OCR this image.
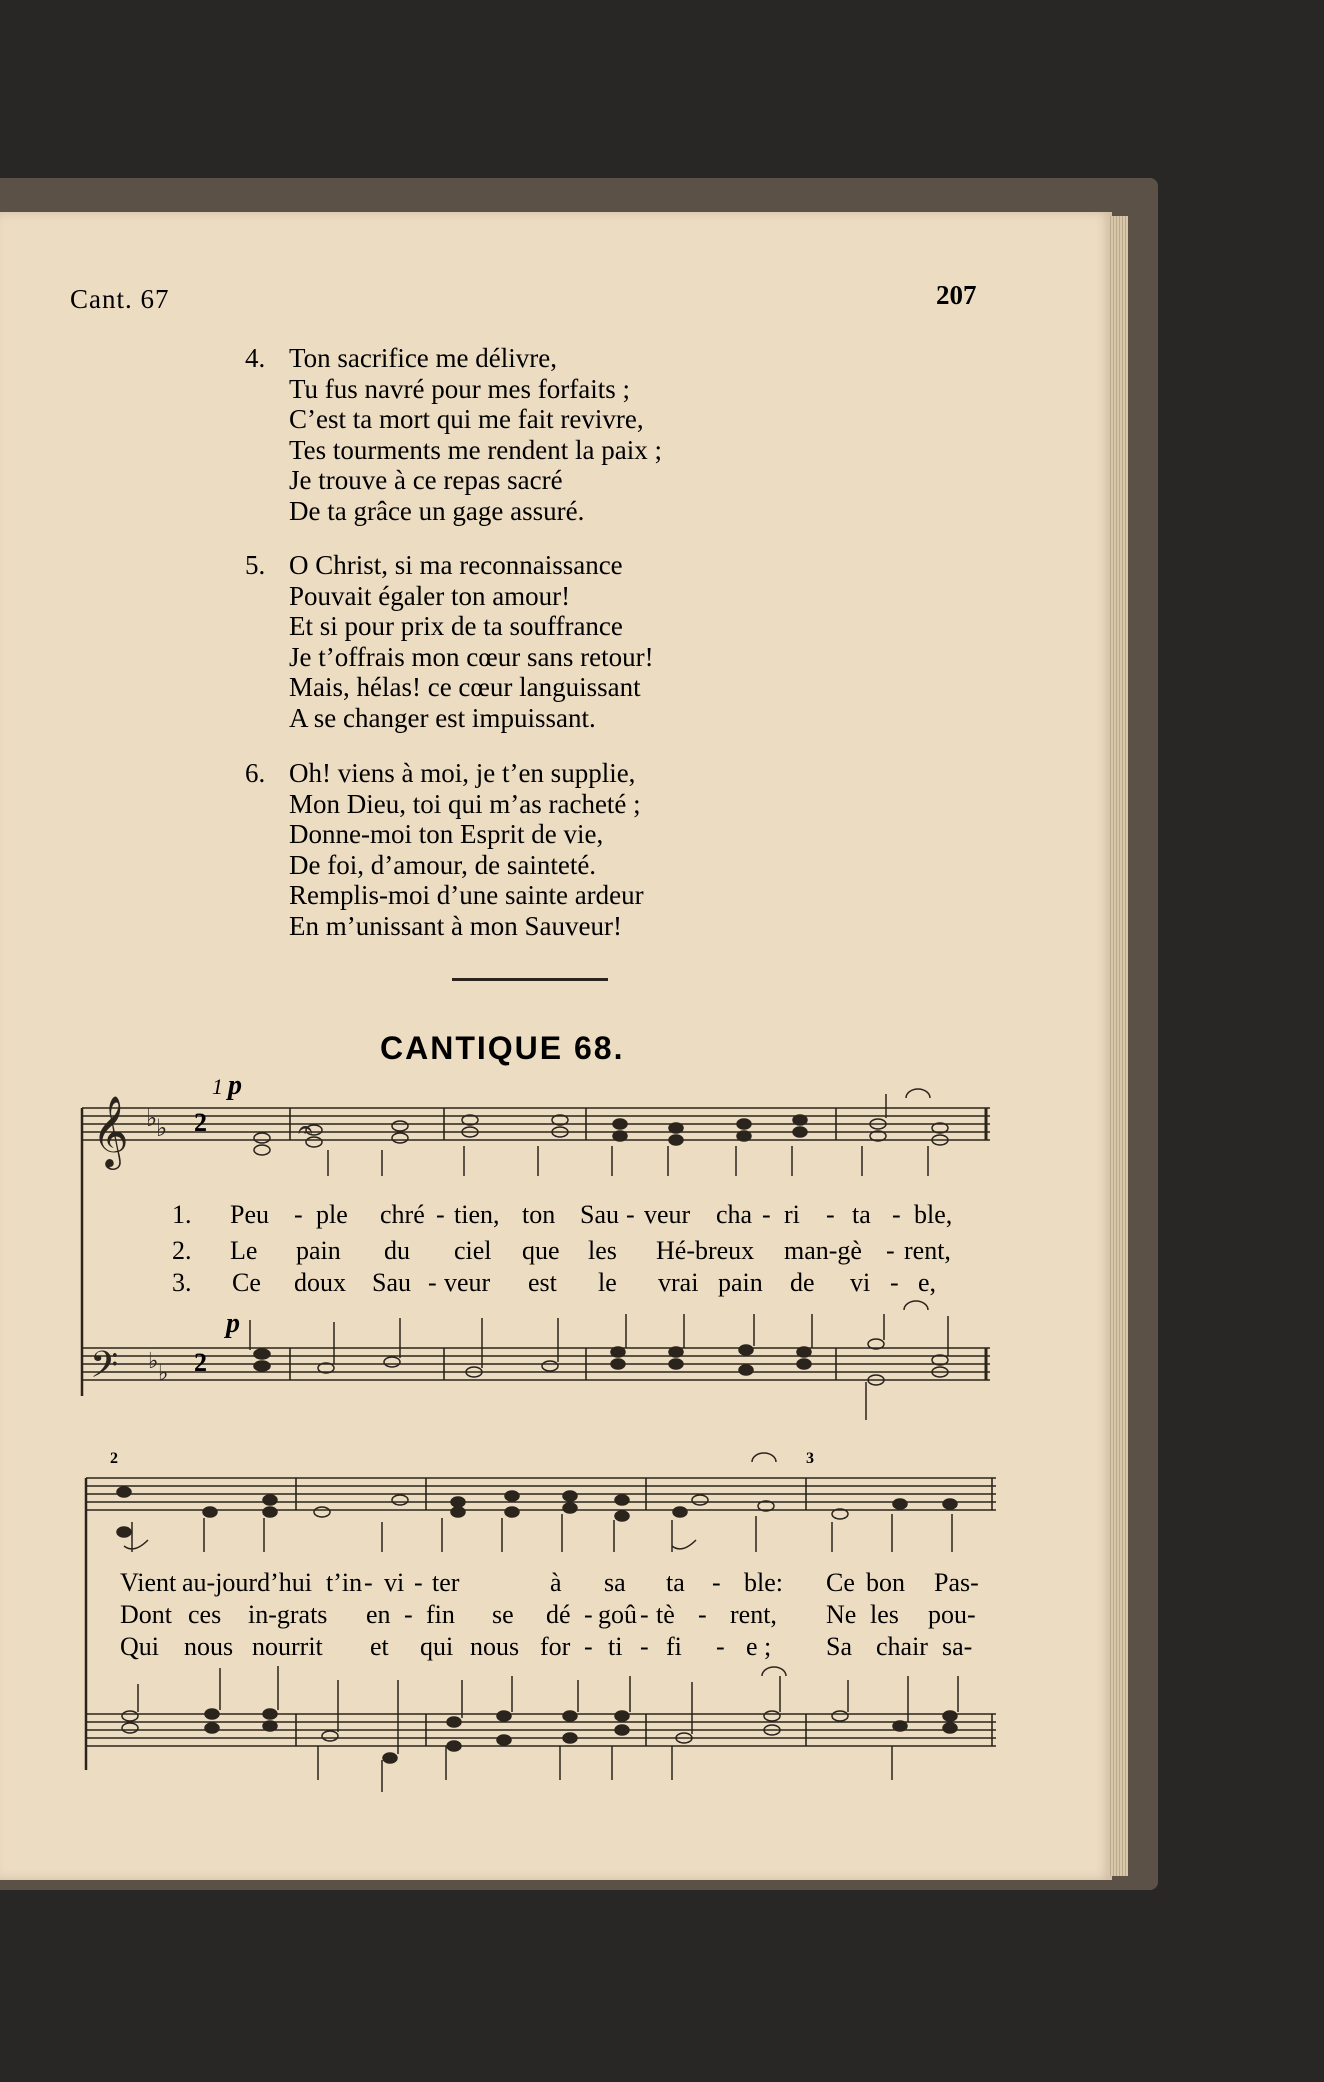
Cant. 67	207
4. Ton sacrifice me délivre,
Tu fus navré pour mes forfaits ;
C’est ta mort qui me fait revivre,
Tes tourments me rendent la paix ;
Je trouve à ce repas sacré
De ta grâce un gage assuré.
5. O Christ, si ma reconnaissance
Pouvait égaler ton amour!
Et si pour prix de ta souffrance
Je t’offrais mon cœur sans retour!
Mais, hélas! ce cœur languissant
A se changer est impuissant.
6. Oh! viens à moi, je t’en supplie,
Mon Dieu, toi qui m’as racheté ;
Donne-moi ton Esprit de vie,
De foi, d’amour, de sainteté.
Remplis-moi d’une sainte ardeur
En m’unissant à mon Sauveur!
CANTIQUE 68.
𝄞 ♭
♭
𝄢 ♭ ♭
𝄐
1 p
2
2
p
2	3
1. Peu - ple chré - tien, ton Sau - veur cha - ri - ta - ble,
2. Le pain du ciel que les Hé-breux man-gè - rent,
3. Ce doux Sau - veur est le vrai pain de vi - e,
Vient au-jourd’hui t’in - vi - ter	à sa ta - ble: Ce bon Pas-
Dont ces in-grats en - fin se dé - goû - tè - rent, Ne les pou-
Qui nous nourrit et qui nous for - ti - fi - e ; Sa chair sa-
